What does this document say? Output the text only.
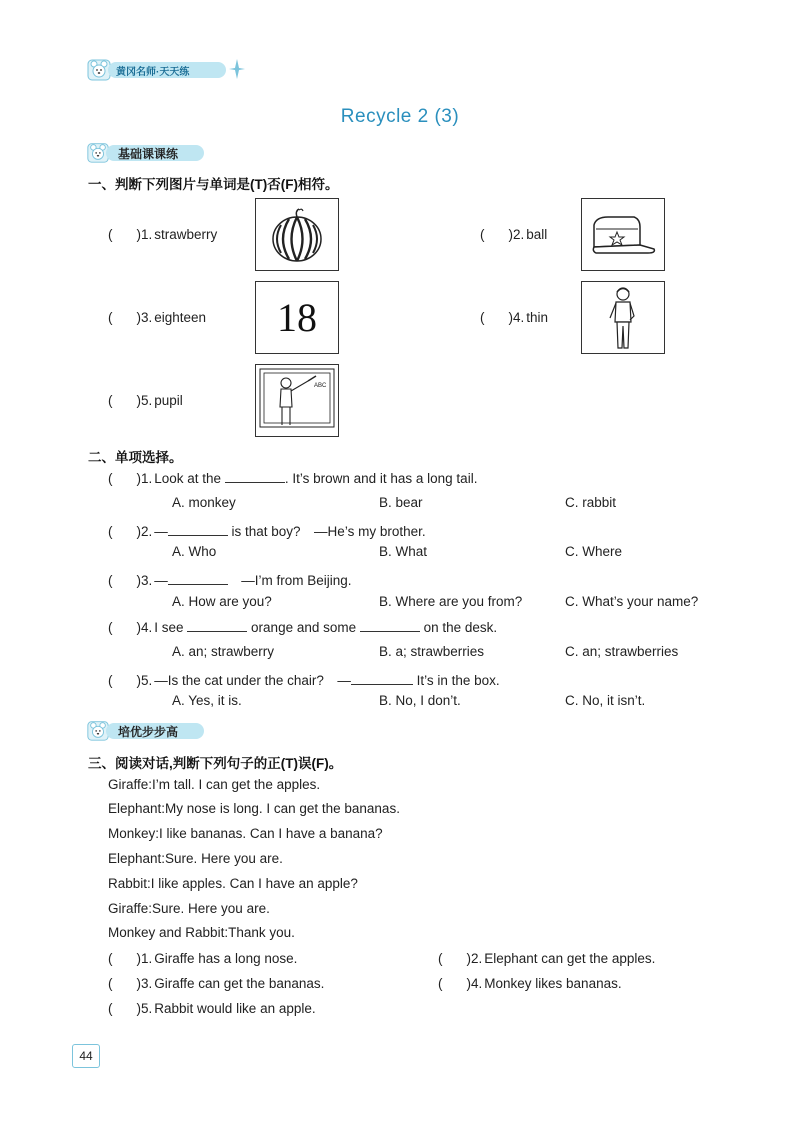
黄冈名师·天天练
Recycle 2 (3)
基础课课练
一、判断下列图片与单词是(T)否(F)相符。
( )1. strawberry	( )2. ball
( )3. eighteen 18	( )4. thin
( )5. pupil
ABC
二、单项选择。
( )1. Look at the	. It’s brown and it has a long tail.
A. monkey	B. bear	C. rabbit
( )2. —	is that boy?　—He’s my brother.
A. Who	B. What	C. Where
( )3. —	　—I’m from Beijing.
A. How are you?	B. Where are you from?	C. What’s your name?
( )4. I see	orange and some	on the desk.
A. an; strawberry	B. a; strawberries	C. an; strawberries
( )5. —Is the cat under the chair?　—	It’s in the box.
A. Yes, it is.	B. No, I don’t.	C. No, it isn’t.
培优步步高
三、阅读对话,判断下列句子的正(T)误(F)。
Giraffe:I’m tall. I can get the apples.
Elephant:My nose is long. I can get the bananas.
Monkey:I like bananas. Can I have a banana?
Elephant:Sure. Here you are.
Rabbit:I like apples. Can I have an apple?
Giraffe:Sure. Here you are.
Monkey and Rabbit:Thank you.
( )1. Giraffe has a long nose.	( )2. Elephant can get the apples.
( )3. Giraffe can get the bananas.	( )4. Monkey likes bananas.
( )5. Rabbit would like an apple.
44
